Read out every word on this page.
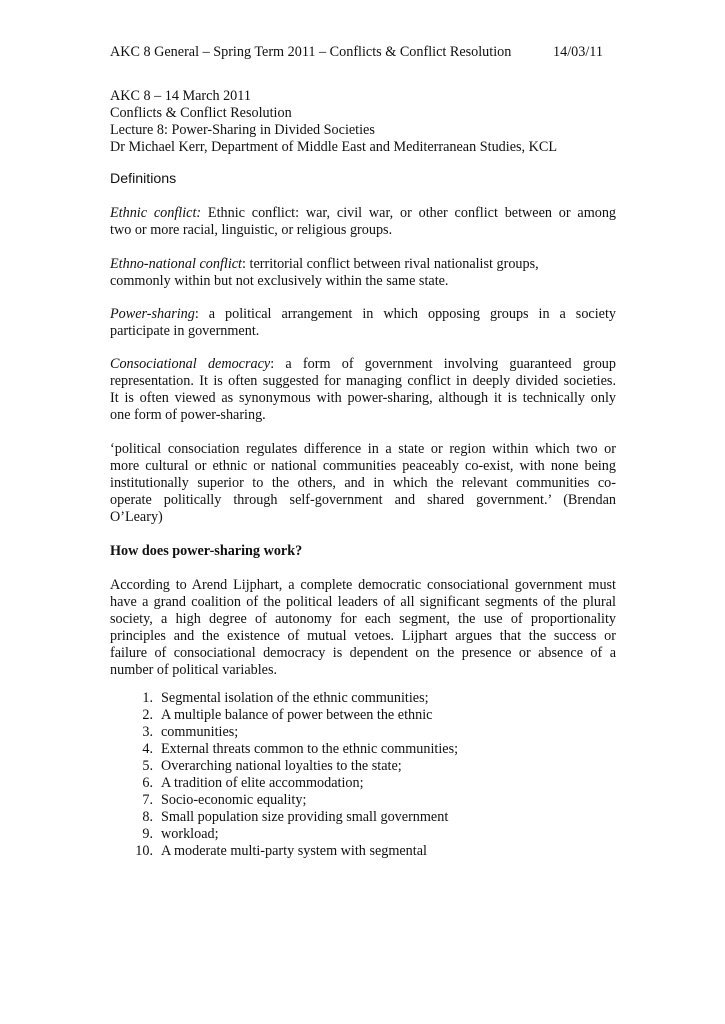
AKC 8 General – Spring Term 2011 – Conflicts & Conflict Resolution	14/03/11
AKC 8 – 14 March 2011
Conflicts & Conflict Resolution
Lecture 8: Power-Sharing in Divided Societies
Dr Michael Kerr, Department of Middle East and Mediterranean Studies, KCL
Definitions
Ethnic conflict: Ethnic conflict: war, civil war, or other conflict between or among
two or more racial, linguistic, or religious groups.
Ethno-national conflict: territorial conflict between rival nationalist groups,
commonly within but not exclusively within the same state.
Power-sharing: a political arrangement in which opposing groups in a society
participate in government.
Consociational democracy: a form of government involving guaranteed group
representation. It is often suggested for managing conflict in deeply divided societies.
It is often viewed as synonymous with power-sharing, although it is technically only
one form of power-sharing.
‘political consociation regulates difference in a state or region within which two or
more cultural or ethnic or national communities peaceably co-exist, with none being
institutionally superior to the others, and in which the relevant communities co-
operate politically through self-government and shared government.’ (Brendan
O’Leary)
How does power-sharing work?
According to Arend Lijphart, a complete democratic consociational government must
have a grand coalition of the political leaders of all significant segments of the plural
society, a high degree of autonomy for each segment, the use of proportionality
principles and the existence of mutual vetoes. Lijphart argues that the success or
failure of consociational democracy is dependent on the presence or absence of a
number of political variables.
1. Segmental isolation of the ethnic communities;
2. A multiple balance of power between the ethnic
3. communities;
4. External threats common to the ethnic communities;
5. Overarching national loyalties to the state;
6. A tradition of elite accommodation;
7. Socio-economic equality;
8. Small population size providing small government
9. workload;
10. A moderate multi-party system with segmental
